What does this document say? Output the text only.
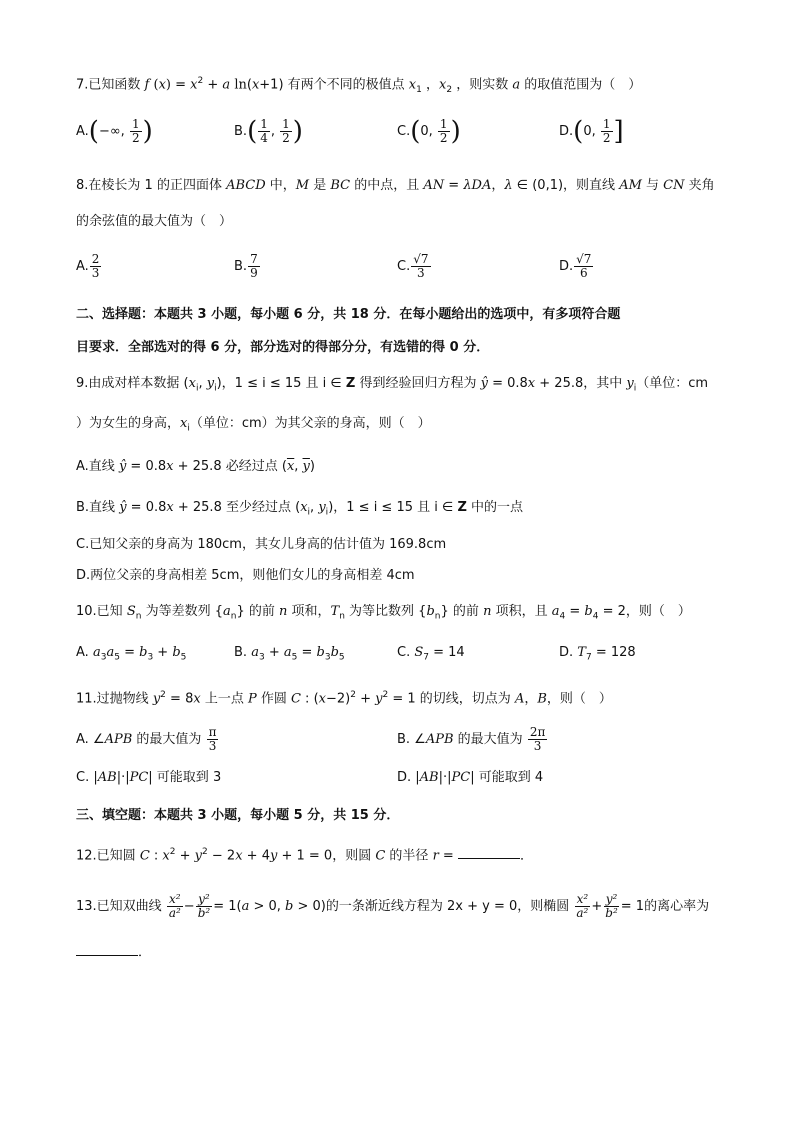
7.已知函数 f $(x) = x^2 + a$ ln(x+1) 有两个不同的极值点 $x_1$ ，$x_2$ ，则实数 a 的取值范围为（　）
A.(−∞, $\frac{1}{2}$ )	$B.( \frac{1}{4}$ , $\frac{1}{2}$ )	C.(0, $\frac{1}{2}$ )	D.(0, $\frac{1}{2}$ ]
8.在棱长为 1 的正四面体 ABCD 中，M 是 BC 的中点，且 AN = λDA，λ ∈ (0,1)，则直线 AM 与 CN 夹角
的余弦值的最大值为（　）
A. $\frac{2}{3}$	B. $\frac{7}{9}$	C. $\frac{√7}{3}$	D. $\frac{√7}{6}$
二、选择题：本题共 3 小题，每小题 6 分，共 18 分．在每小题给出的选项中，有多项符合题
目要求．全部选对的得 6 分，部分选对的得部分分，有选错的得 0 分．
9.由成对样本数据 ($x_i$, $y_i$)，1 ≤ i ≤ 15 且 i ∈ Z 得到经验回归方程为 ŷ = 0.8x + 25.8，其中 $y_i$（单位：cm
）为女生的身高，$x_i$（单位：cm）为其父亲的身高，则（　）
A.直线 ŷ = 0.8x + 25.8 必经过点 ($\overline{x}$, $\overline{y}$)
B.直线 ŷ = 0.8x + 25.8 至少经过点 ($x_i$, $y_i$)，1 ≤ i ≤ 15 且 i ∈ Z 中的一点
C.已知父亲的身高为 180cm，其女儿身高的估计值为 169.8cm
D.两位父亲的身高相差 5cm，则他们女儿的身高相差 4cm
10.已知 $S_n$ 为等差数列 $\{a_n\}$ 的前 n 项和，$T_n$ 为等比数列 $\{b_n\}$ 的前 n 项积，且 $a_4 = b_4 = 2$，则（　）
A. $a_3a_5 = b_3 + b_5$	B. $a_3 + a_5 = b_3b_5$	C. $S_7 = 14$	D. $T_7 = 128$
11.过抛物线 $y^2 = 8x$ 上一点 P 作圆 C : $(x-2)^2 + y^2 = 1$ 的切线，切点为 A，B，则（　）
A. ∠APB 的最大值为 $\frac{\pi}{3}$	B. ∠APB 的最大值为 $\frac{2\pi}{3}$
C. |AB|·|PC| 可能取到 3	D. |AB|·|PC| 可能取到 4
三、填空题：本题共 3 小题，每小题 5 分，共 15 分．
12.已知圆 C : $x^2 + y^2 - 2x + 4y + 1 = 0$，则圆 C 的半径 r =	．
13.已知双曲线 $\frac{\text{x²}}{\text{a²}} - \frac{\text{y²}}{\text{b²}} = 1(a > 0$, b > 0)的一条渐近线方程为 2x + y = 0，则椭圆 $\frac{\text{x²}}{\text{a²}} + \frac{\text{y²}}{\text{b²}} = 1$的离心率为
．
